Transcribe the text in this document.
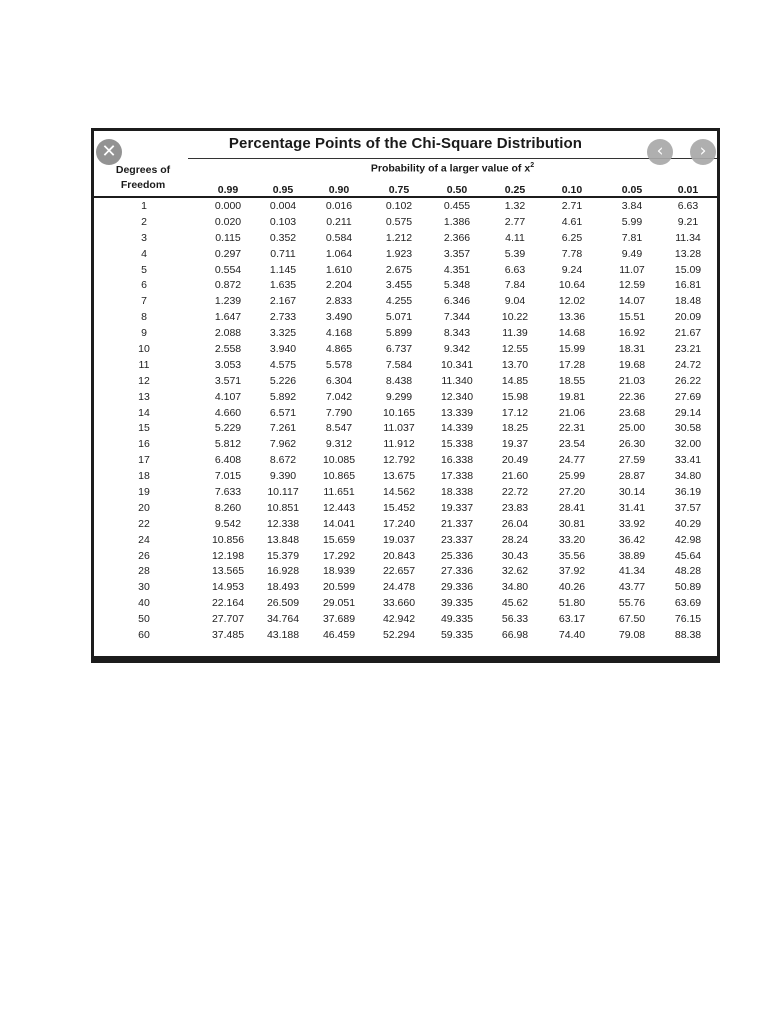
Percentage Points of the Chi-Square Distribution
Degrees of
Freedom
Probability of a larger value of $x^2$
0.99	0.95	0.90	0.75	0.50	0.25	0.10	0.05	0.01
1	0.000	0.004	0.016	0.102	0.455	1.32	2.71	3.84	6.63
2	0.020	0.103	0.211	0.575	1.386	2.77	4.61	5.99	9.21
3	0.115	0.352	0.584	1.212	2.366	4.11	6.25	7.81	11.34
4	0.297	0.711	1.064	1.923	3.357	5.39	7.78	9.49	13.28
5	0.554	1.145	1.610	2.675	4.351	6.63	9.24	11.07	15.09
6	0.872	1.635	2.204	3.455	5.348	7.84	10.64	12.59	16.81
7	1.239	2.167	2.833	4.255	6.346	9.04	12.02	14.07	18.48
8	1.647	2.733	3.490	5.071	7.344	10.22	13.36	15.51	20.09
9	2.088	3.325	4.168	5.899	8.343	11.39	14.68	16.92	21.67
10	2.558	3.940	4.865	6.737	9.342	12.55	15.99	18.31	23.21
11	3.053	4.575	5.578	7.584	10.341	13.70	17.28	19.68	24.72
12	3.571	5.226	6.304	8.438	11.340	14.85	18.55	21.03	26.22
13	4.107	5.892	7.042	9.299	12.340	15.98	19.81	22.36	27.69
14	4.660	6.571	7.790	10.165	13.339	17.12	21.06	23.68	29.14
15	5.229	7.261	8.547	11.037	14.339	18.25	22.31	25.00	30.58
16	5.812	7.962	9.312	11.912	15.338	19.37	23.54	26.30	32.00
17	6.408	8.672	10.085	12.792	16.338	20.49	24.77	27.59	33.41
18	7.015	9.390	10.865	13.675	17.338	21.60	25.99	28.87	34.80
19	7.633	10.117	11.651	14.562	18.338	22.72	27.20	30.14	36.19
20	8.260	10.851	12.443	15.452	19.337	23.83	28.41	31.41	37.57
22	9.542	12.338	14.041	17.240	21.337	26.04	30.81	33.92	40.29
24	10.856	13.848	15.659	19.037	23.337	28.24	33.20	36.42	42.98
26	12.198	15.379	17.292	20.843	25.336	30.43	35.56	38.89	45.64
28	13.565	16.928	18.939	22.657	27.336	32.62	37.92	41.34	48.28
30	14.953	18.493	20.599	24.478	29.336	34.80	40.26	43.77	50.89
40	22.164	26.509	29.051	33.660	39.335	45.62	51.80	55.76	63.69
50	27.707	34.764	37.689	42.942	49.335	56.33	63.17	67.50	76.15
60	37.485	43.188	46.459	52.294	59.335	66.98	74.40	79.08	88.38
✕	‹	›
